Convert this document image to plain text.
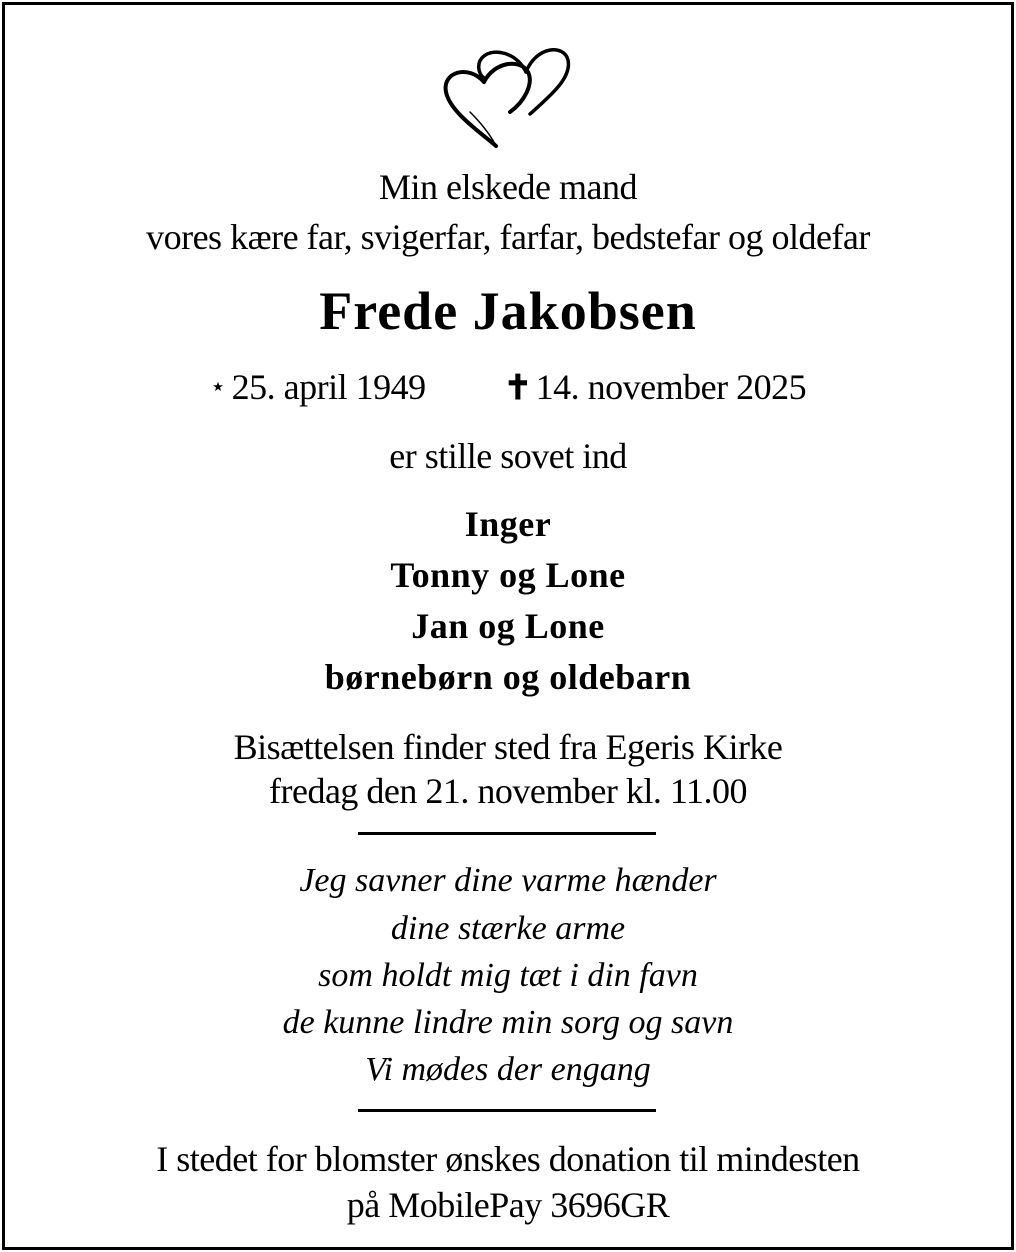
Min elskede mand
vores kære far, svigerfar, farfar, bedstefar og oldefar
Frede Jakobsen
⋆ 25. april 1949 ✝ 14. november 2025
er stille sovet ind
Inger
Tonny og Lone
Jan og Lone
børnebørn og oldebarn
Bisættelsen finder sted fra Egeris Kirke
fredag den 21. november kl. 11.00
Jeg savner dine varme hænder
dine stærke arme
som holdt mig tæt i din favn
de kunne lindre min sorg og savn
Vi mødes der engang
I stedet for blomster ønskes donation til mindesten
på MobilePay 3696GR
